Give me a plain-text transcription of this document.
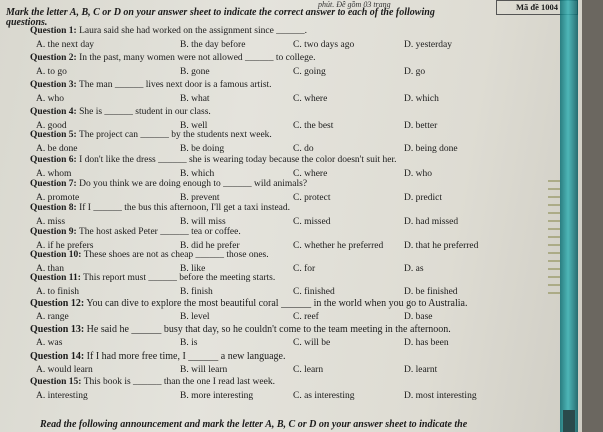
phút. Đề gồm 03 trang	Mã đề 1004
Mark the letter A, B, C or D on your answer sheet to indicate the correct answer to each of the following
questions.
Question 1: Laura said she had worked on the assignment since ______.
A. the next day	B. the day before	C. two days ago	D. yesterday
Question 2: In the past, many women were not allowed ______ to college.
A. to go	B. gone	C. going	D. go
Question 3: The man ______ lives next door is a famous artist.
A. who	B. what	C. where	D. which
Question 4: She is ______ student in our class.
A. good	B. well	C. the best	D. better
Question 5: The project can ______ by the students next week.
A. be done	B. be doing	C. do	D. being done
Question 6: I don't like the dress ______ she is wearing today because the color doesn't suit her.
A. whom	B. which	C. where	D. who
Question 7: Do you think we are doing enough to ______ wild animals?
A. promote	B. prevent	C. protect	D. predict
Question 8: If I ______ the bus this afternoon, I'll get a taxi instead.
A. miss	B. will miss	C. missed	D. had missed
Question 9: The host asked Peter ______ tea or coffee.
A. if he prefers	B. did he prefer	C. whether he preferred D. that he preferred
Question 10: These shoes are not as cheap ______ those ones.
A. than	B. like	C. for	D. as
Question 11: This report must ______ before the meeting starts.
A. to finish	B. finish	C. finished	D. be finished
Question 12: You can dive to explore the most beautiful coral ______ in the world when you go to Australia.
A. range	B. level	C. reef	D. base
Question 13: He said he ______ busy that day, so he couldn't come to the team meeting in the afternoon.
A. was	B. is	C. will be	D. has been
Question 14: If I had more free time, I ______ a new language.
A. would learn	B. will learn	C. learn	D. learnt
Question 15: This book is ______ than the one I read last week.
A. interesting	B. more interesting	C. as interesting	D. most interesting
Read the following announcement and mark the letter A, B, C or D on your answer sheet to indicate the
